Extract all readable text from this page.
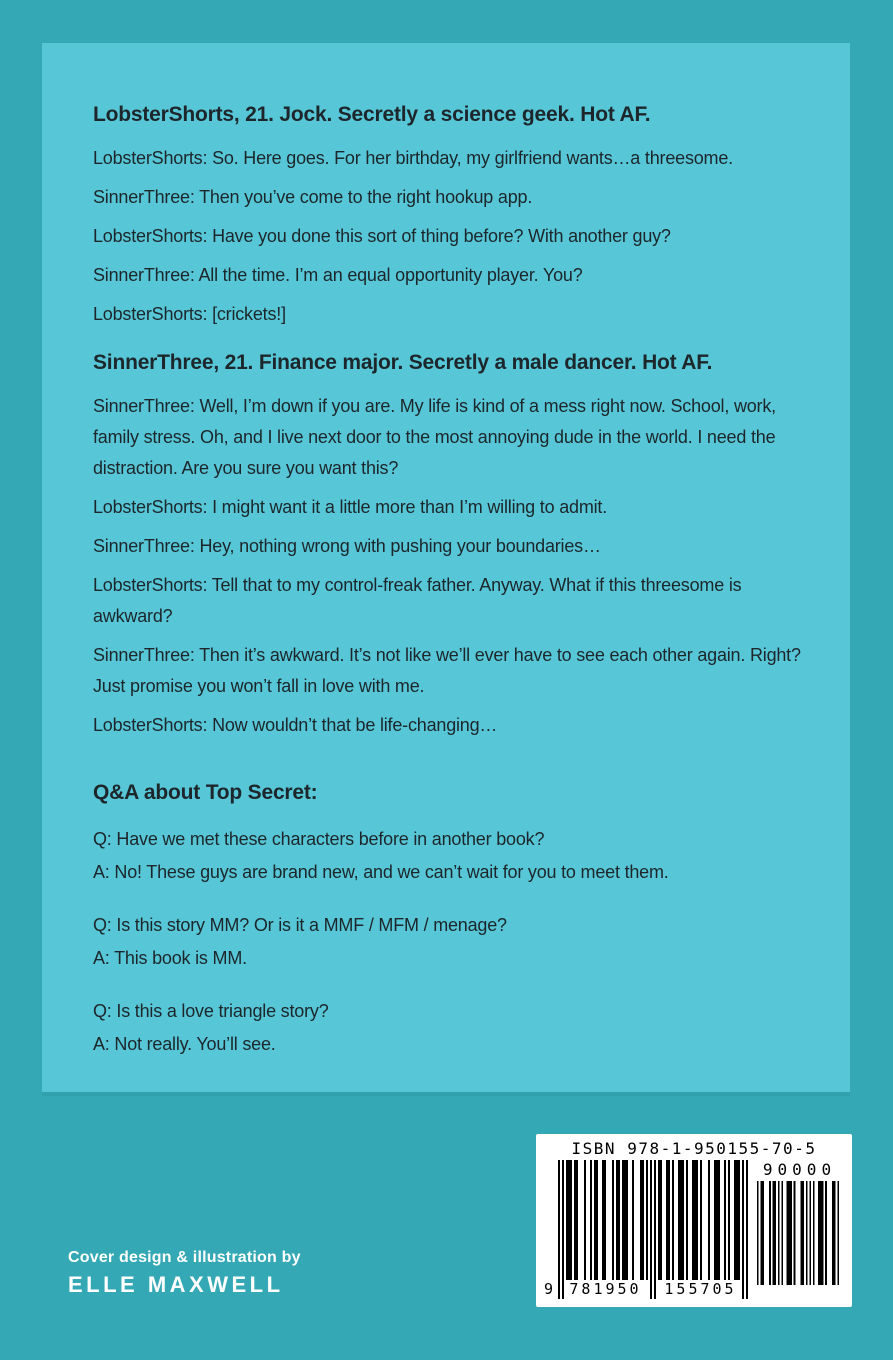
LobsterShorts, 21. Jock. Secretly a science geek. Hot AF.

LobsterShorts: So. Here goes. For her birthday, my girlfriend wants…a threesome.

SinnerThree: Then you’ve come to the right hookup app.

LobsterShorts: Have you done this sort of thing before? With another guy?

SinnerThree: All the time. I’m an equal opportunity player. You?

LobsterShorts: [crickets!]

SinnerThree, 21. Finance major. Secretly a male dancer. Hot AF.

SinnerThree: Well, I’m down if you are. My life is kind of a mess right now. School, work, family stress. Oh, and I live next door to the most annoying dude in the world. I need the distraction. Are you sure you want this?

LobsterShorts: I might want it a little more than I’m willing to admit.

SinnerThree: Hey, nothing wrong with pushing your boundaries…

LobsterShorts: Tell that to my control-freak father. Anyway. What if this threesome is awkward?

SinnerThree: Then it’s awkward. It’s not like we’ll ever have to see each other again. Right? Just promise you won’t fall in love with me.

LobsterShorts: Now wouldn’t that be life-changing…

Q&A about Top Secret:

Q: Have we met these characters before in another book?

A: No! These guys are brand new, and we can’t wait for you to meet them.

Q: Is this story MM? Or is it a MMF / MFM / menage?

A: This book is MM.

Q: Is this a love triangle story?

A: Not really. You’ll see.

Cover design & illustration by
ELLE MAXWELL
ISBN 978-1-950155-70-5
9	781950	155705
90000
